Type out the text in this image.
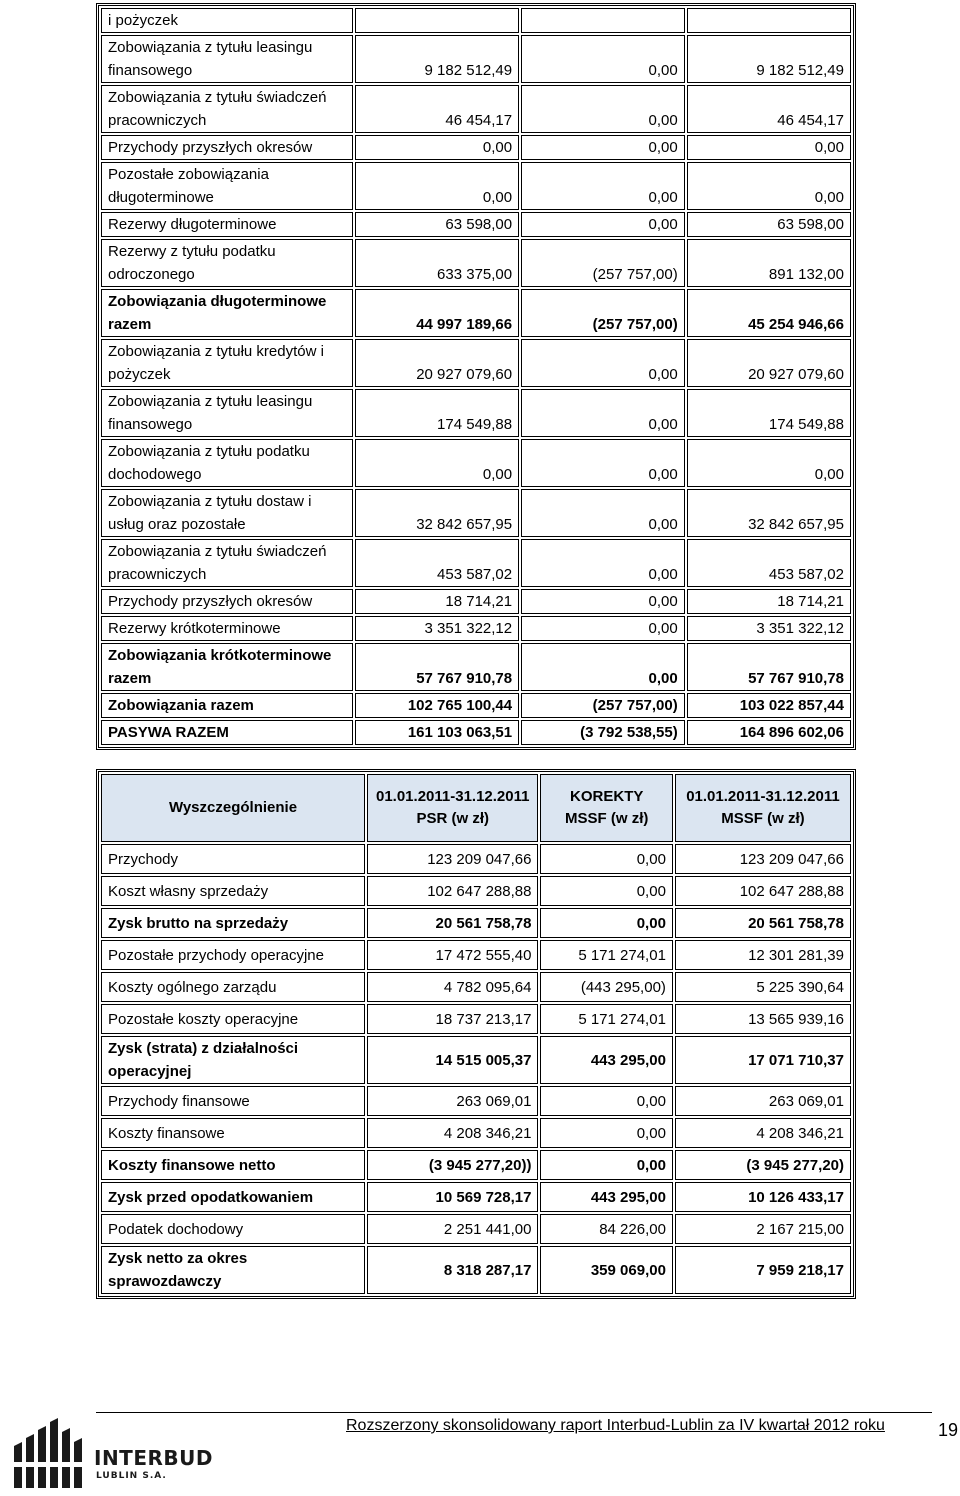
i pożyczek			
Zobowiązania z tytułu leasingu finansowego	9 182 512,49	0,00	9 182 512,49
Zobowiązania z tytułu świadczeń pracowniczych	46 454,17	0,00	46 454,17
Przychody przyszłych okresów	0,00	0,00	0,00
Pozostałe zobowiązania długoterminowe	0,00	0,00	0,00
Rezerwy długoterminowe	63 598,00	0,00	63 598,00
Rezerwy z tytułu podatku odroczonego	633 375,00	(257 757,00)	891 132,00
Zobowiązania długoterminowe razem	44 997 189,66	(257 757,00)	45 254 946,66
Zobowiązania z tytułu kredytów i pożyczek	20 927 079,60	0,00	20 927 079,60
Zobowiązania z tytułu leasingu finansowego	174 549,88	0,00	174 549,88
Zobowiązania z tytułu podatku dochodowego	0,00	0,00	0,00
Zobowiązania z tytułu dostaw i usług oraz pozostałe	32 842 657,95	0,00	32 842 657,95
Zobowiązania z tytułu świadczeń pracowniczych	453 587,02	0,00	453 587,02
Przychody przyszłych okresów	18 714,21	0,00	18 714,21
Rezerwy krótkoterminowe	3 351 322,12	0,00	3 351 322,12
Zobowiązania krótkoterminowe razem	57 767 910,78	0,00	57 767 910,78
Zobowiązania razem	102 765 100,44	(257 757,00)	103 022 857,44
PASYWA RAZEM	161 103 063,51	(3 792 538,55)	164 896 602,06
Wyszczególnienie	01.01.2011-31.12.2011 PSR (w zł)	KOREKTY MSSF (w zł)	01.01.2011-31.12.2011 MSSF (w zł)
Przychody	123 209 047,66	0,00	123 209 047,66
Koszt własny sprzedaży	102 647 288,88	0,00	102 647 288,88
Zysk brutto na sprzedaży	20 561 758,78	0,00	20 561 758,78
Pozostałe przychody operacyjne	17 472 555,40	5 171 274,01	12 301 281,39
Koszty ogólnego zarządu	4 782 095,64	(443 295,00)	5 225 390,64
Pozostałe koszty operacyjne	18 737 213,17	5 171 274,01	13 565 939,16
Zysk (strata) z działalności operacyjnej	14 515 005,37	443 295,00	17 071 710,37
Przychody finansowe	263 069,01	0,00	263 069,01
Koszty finansowe	4 208 346,21	0,00	4 208 346,21
Koszty finansowe netto	(3 945 277,20))	0,00	(3 945 277,20)
Zysk przed opodatkowaniem	10 569 728,17	443 295,00	10 126 433,17
Podatek dochodowy	2 251 441,00	84 226,00	2 167 215,00
Zysk netto za okres sprawozdawczy	8 318 287,17	359 069,00	7 959 218,17
INTERBUD
LUBLIN S.A.
Rozszerzony skonsolidowany raport Interbud-Lublin za IV kwartał 2012 roku	19
